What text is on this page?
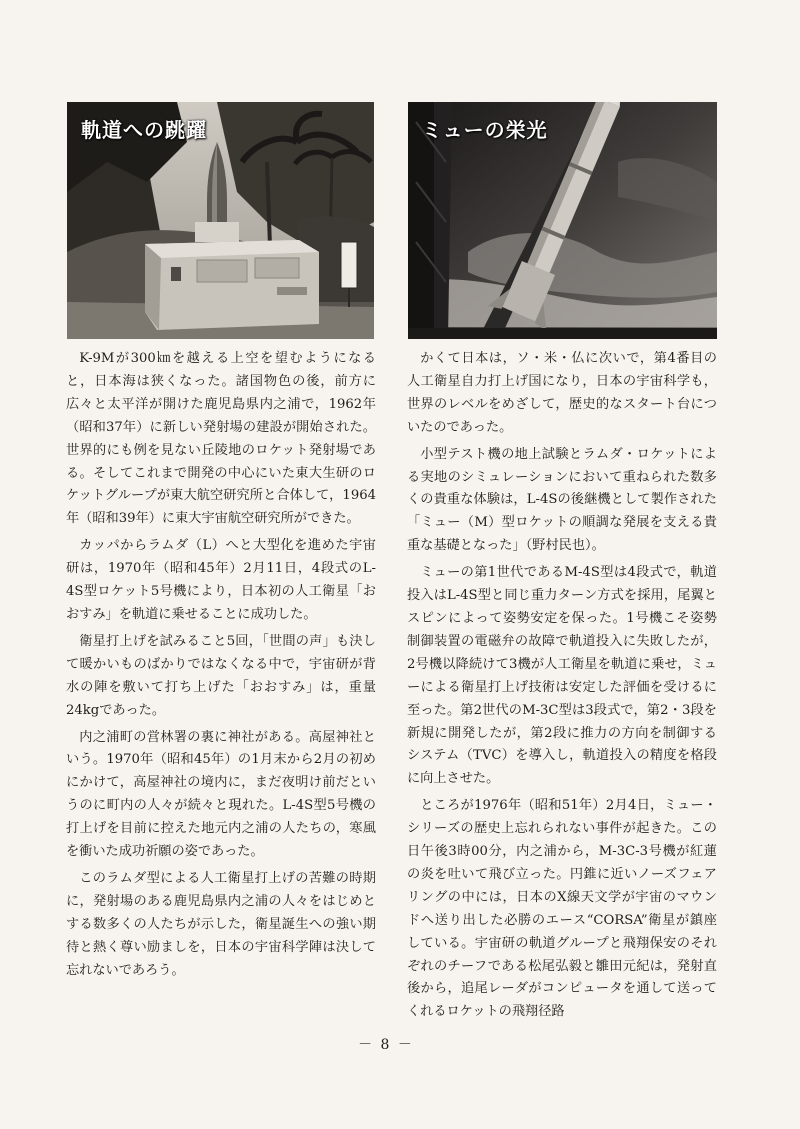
軌道への跳躍	ミューの栄光

K-9Mが300㎞を越える上空を望むようになると，日本海は狭くなった。諸国物色の後，前方に広々と太平洋が開けた鹿児島県内之浦で，1962年（昭和37年）に新しい発射場の建設が開始された。世界的にも例を見ない丘陵地のロケット発射場である。そしてこれまで開発の中心にいた東大生研のロケットグループが東大航空研究所と合体して，1964年（昭和39年）に東大宇宙航空研究所ができた。

カッパからラムダ（L）へと大型化を進めた宇宙研は，1970年（昭和45年）2月11日，4段式のL-4S型ロケット5号機により，日本初の人工衛星「おおすみ」を軌道に乗せることに成功した。

衛星打上げを試みること5回，「世間の声」も決して暖かいものばかりではなくなる中で，宇宙研が背水の陣を敷いて打ち上げた「おおすみ」は，重量24kgであった。

内之浦町の営林署の裏に神社がある。高屋神社という。1970年（昭和45年）の1月末から2月の初めにかけて，高屋神社の境内に，まだ夜明け前だというのに町内の人々が続々と現れた。L-4S型5号機の打上げを目前に控えた地元内之浦の人たちの，寒風を衝いた成功祈願の姿であった。

このラムダ型による人工衛星打上げの苦難の時期に，発射場のある鹿児島県内之浦の人々をはじめとする数多くの人たちが示した，衛星誕生への強い期待と熱く尊い励ましを，日本の宇宙科学陣は決して忘れないであろう。

かくて日本は，ソ・米・仏に次いで，第4番目の人工衛星自力打上げ国になり，日本の宇宙科学も，世界のレベルをめざして，歴史的なスタート台についたのであった。

小型テスト機の地上試験とラムダ・ロケットによる実地のシミュレーションにおいて重ねられた数多くの貴重な体験は，L-4Sの後継機として製作された「ミュー（M）型ロケットの順調な発展を支える貴重な基礎となった」（野村民也）。

ミューの第1世代であるM-4S型は4段式で，軌道投入はL-4S型と同じ重力ターン方式を採用，尾翼とスピンによって姿勢安定を保った。1号機こそ姿勢制御装置の電磁弁の故障で軌道投入に失敗したが，2号機以降続けて3機が人工衛星を軌道に乗せ，ミューによる衛星打上げ技術は安定した評価を受けるに至った。第2世代のM-3C型は3段式で，第2・3段を新規に開発したが，第2段に推力の方向を制御するシステム（TVC）を導入し，軌道投入の精度を格段に向上させた。

ところが1976年（昭和51年）2月4日，ミュー・シリーズの歴史上忘れられない事件が起きた。この日午後3時00分，内之浦から，M-3C-3号機が紅蓮の炎を吐いて飛び立った。円錐に近いノーズフェアリングの中には，日本のX線天文学が宇宙のマウンドへ送り出した必勝のエース“CORSA”衛星が鎮座している。宇宙研の軌道グループと飛翔保安のそれぞれのチーフである松尾弘毅と雛田元紀は，発射直後から，追尾レーダがコンピュータを通して送ってくれるロケットの飛翔径路

－ 8 －
